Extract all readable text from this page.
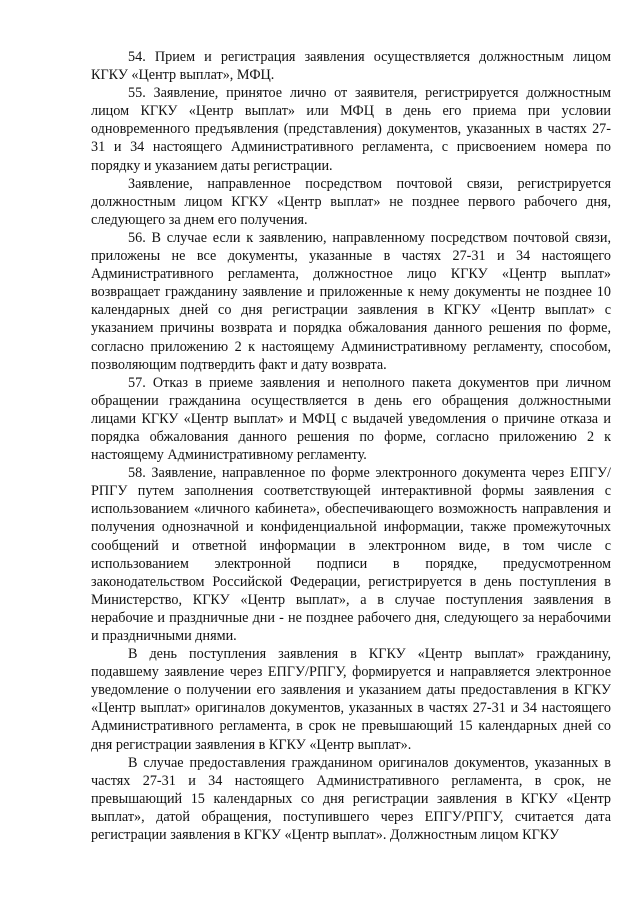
54. Прием и регистрация заявления осуществляется должностным лицом КГКУ «Центр выплат», МФЦ.

55. Заявление, принятое лично от заявителя, регистрируется должностным лицом КГКУ «Центр выплат» или МФЦ в день его приема при условии одновременного предъявления (представления) документов, указанных в частях 27-31 и 34 настоящего Административного регламента, с присвоением номера по порядку и указанием даты регистрации.

Заявление, направленное посредством почтовой связи, регистрируется должностным лицом КГКУ «Центр выплат» не позднее первого рабочего дня, следующего за днем его получения.

56. В случае если к заявлению, направленному посредством почтовой связи, приложены не все документы, указанные в частях 27-31 и 34 настоящего Административного регламента, должностное лицо КГКУ «Центр выплат» возвращает гражданину заявление и приложенные к нему документы не позднее 10 календарных дней со дня регистрации заявления в КГКУ «Центр выплат» с указанием причины возврата и порядка обжалования данного решения по форме, согласно приложению 2 к настоящему Административному регламенту, способом, позволяющим подтвердить факт и дату возврата.

57. Отказ в приеме заявления и неполного пакета документов при личном обращении гражданина осуществляется в день его обращения должностными лицами КГКУ «Центр выплат» и МФЦ с выдачей уведомления о причине отказа и порядка обжалования данного решения по форме, согласно приложению 2 к настоящему Административному регламенту.

58. Заявление, направленное по форме электронного документа через ЕПГУ/РПГУ путем заполнения соответствующей интерактивной формы заявления с использованием «личного кабинета», обеспечивающего возможность направления и получения однозначной и конфиденциальной информации, также промежуточных сообщений и ответной информации в электронном виде, в том числе с использованием электронной подписи в порядке, предусмотренном законодательством Российской Федерации, регистрируется в день поступления в Министерство, КГКУ «Центр выплат», а в случае поступления заявления в нерабочие и праздничные дни - не позднее рабочего дня, следующего за нерабочими и праздничными днями.

В день поступления заявления в КГКУ «Центр выплат» гражданину, подавшему заявление через ЕПГУ/РПГУ, формируется и направляется электронное уведомление о получении его заявления и указанием даты предоставления в КГКУ «Центр выплат» оригиналов документов, указанных в частях 27-31 и 34 настоящего Административного регламента, в срок не превышающий 15 календарных дней со дня регистрации заявления в КГКУ «Центр выплат».

В случае предоставления гражданином оригиналов документов, указанных в частях 27-31 и 34 настоящего Административного регламента, в срок, не превышающий 15 календарных со дня регистрации заявления в КГКУ «Центр выплат», датой обращения, поступившего через ЕПГУ/РПГУ, считается дата регистрации заявления в КГКУ «Центр выплат». Должностным лицом КГКУ
